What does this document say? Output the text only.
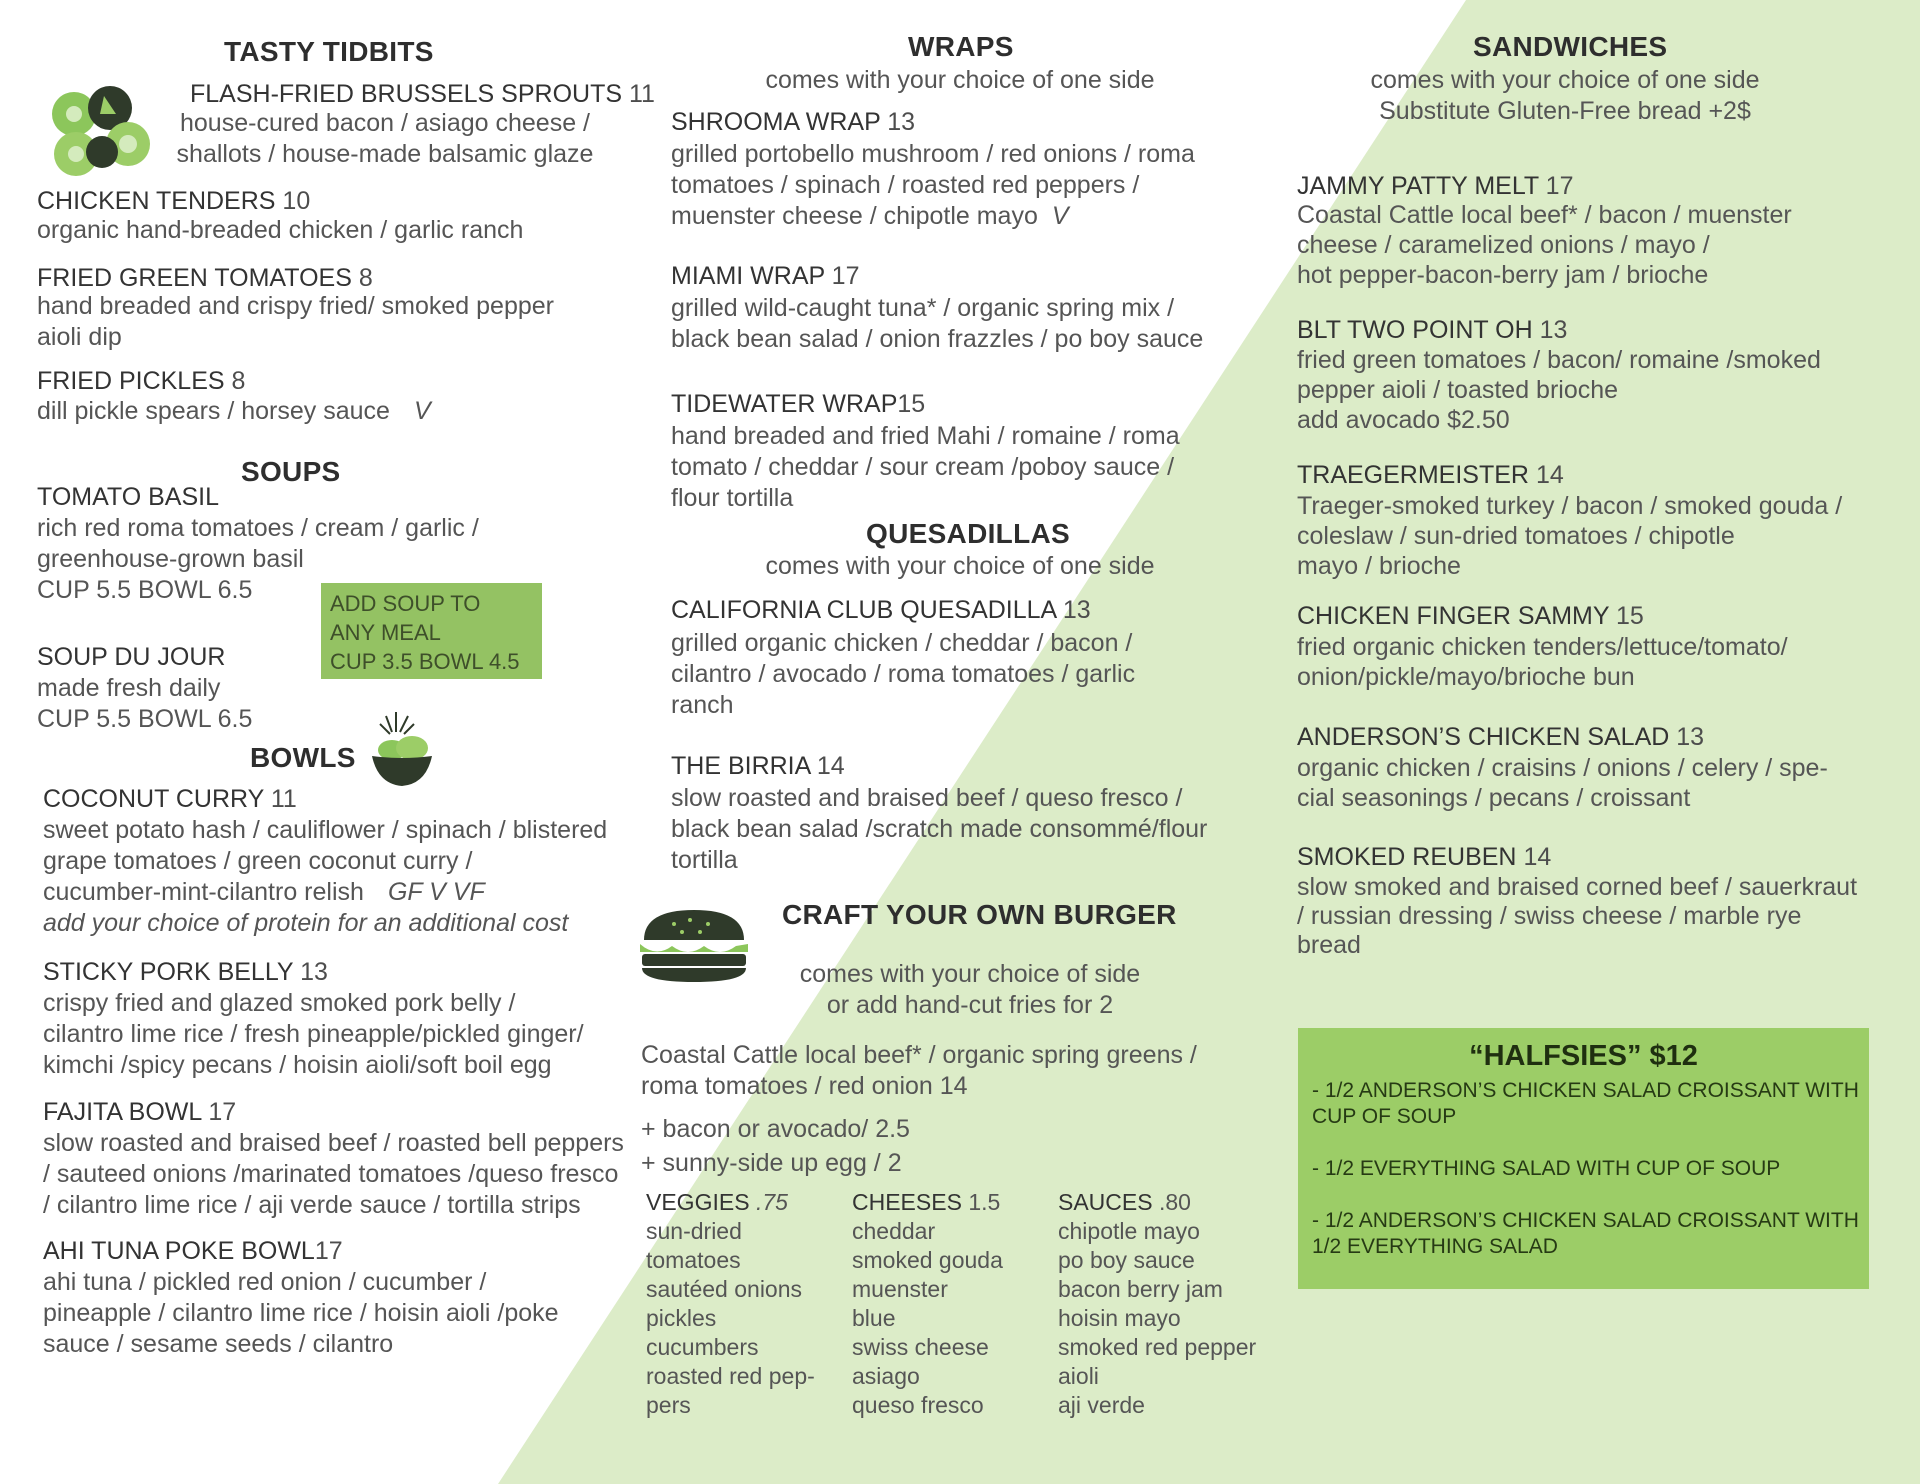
TASTY TIDBITS
FLASH-FRIED BRUSSELS SPROUTS 11
house-cured bacon / asiago cheese /
shallots / house-made balsamic glaze
CHICKEN TENDERS 10
organic hand-breaded chicken / garlic ranch
FRIED GREEN TOMATOES 8
hand breaded and crispy fried/ smoked pepper
aioli dip
FRIED PICKLES 8
dill pickle spears / horsey sauce V
SOUPS
TOMATO BASIL
rich red roma tomatoes / cream / garlic /
greenhouse-grown basil
CUP 5.5 BOWL 6.5	ADD SOUP TO
ANY MEAL
CUP 3.5 BOWL 4.5
SOUP DU JOUR
made fresh daily
CUP 5.5 BOWL 6.5
BOWLS
COCONUT CURRY 11
sweet potato hash / cauliflower / spinach / blistered
grape tomatoes / green coconut curry /
cucumber-mint-cilantro relish GF V VF
add your choice of protein for an additional cost
STICKY PORK BELLY 13
crispy fried and glazed smoked pork belly /
cilantro lime rice / fresh pineapple/pickled ginger/
kimchi /spicy pecans / hoisin aioli/soft boil egg
FAJITA BOWL 17
slow roasted and braised beef / roasted bell peppers
/ sauteed onions /marinated tomatoes /queso fresco
/ cilantro lime rice / aji verde sauce / tortilla strips
AHI TUNA POKE BOWL17
ahi tuna / pickled red onion / cucumber /
pineapple / cilantro lime rice / hoisin aioli /poke
sauce / sesame seeds / cilantro
WRAPS
comes with your choice of one side
SHROOMA WRAP 13
grilled portobello mushroom / red onions / roma
tomatoes / spinach / roasted red peppers /
muenster cheese / chipotle mayo V
MIAMI WRAP 17
grilled wild-caught tuna* / organic spring mix /
black bean salad / onion frazzles / po boy sauce
TIDEWATER WRAP15
hand breaded and fried Mahi / romaine / roma
tomato / cheddar / sour cream /poboy sauce /
flour tortilla
QUESADILLAS
comes with your choice of one side
CALIFORNIA CLUB QUESADILLA 13
grilled organic chicken / cheddar / bacon /
cilantro / avocado / roma tomatoes / garlic
ranch
THE BIRRIA 14
slow roasted and braised beef / queso fresco /
black bean salad /scratch made consommé/flour
tortilla
CRAFT YOUR OWN BURGER
comes with your choice of side
or add hand-cut fries for 2
Coastal Cattle local beef* / organic spring greens /
roma tomatoes / red onion 14
+ bacon or avocado/ 2.5
+ sunny-side up egg / 2
VEGGIES .75
sun-dried
tomatoes
sautéed onions
pickles
cucumbers
roasted red pep-
pers
CHEESES 1.5
cheddar
smoked gouda
muenster
blue
swiss cheese
asiago
queso fresco
SAUCES .80
chipotle mayo
po boy sauce
bacon berry jam
hoisin mayo
smoked red pepper
aioli
aji verde
SANDWICHES
comes with your choice of one side
Substitute Gluten-Free bread +2$
JAMMY PATTY MELT 17
Coastal Cattle local beef* / bacon / muenster
cheese / caramelized onions / mayo /
hot pepper-bacon-berry jam / brioche
BLT TWO POINT OH 13
fried green tomatoes / bacon/ romaine /smoked
pepper aioli / toasted brioche
add avocado $2.50
TRAEGERMEISTER 14
Traeger-smoked turkey / bacon / smoked gouda /
coleslaw / sun-dried tomatoes / chipotle
mayo / brioche
CHICKEN FINGER SAMMY 15
fried organic chicken tenders/lettuce/tomato/
onion/pickle/mayo/brioche bun
ANDERSON’S CHICKEN SALAD 13
organic chicken / craisins / onions / celery / spe-
cial seasonings / pecans / croissant
SMOKED REUBEN 14
slow smoked and braised corned beef / sauerkraut
/ russian dressing / swiss cheese / marble rye
bread
“HALFSIES” $12
- 1/2 ANDERSON’S CHICKEN SALAD CROISSANT WITH
CUP OF SOUP
- 1/2 EVERYTHING SALAD WITH CUP OF SOUP
- 1/2 ANDERSON’S CHICKEN SALAD CROISSANT WITH
1/2 EVERYTHING SALAD
